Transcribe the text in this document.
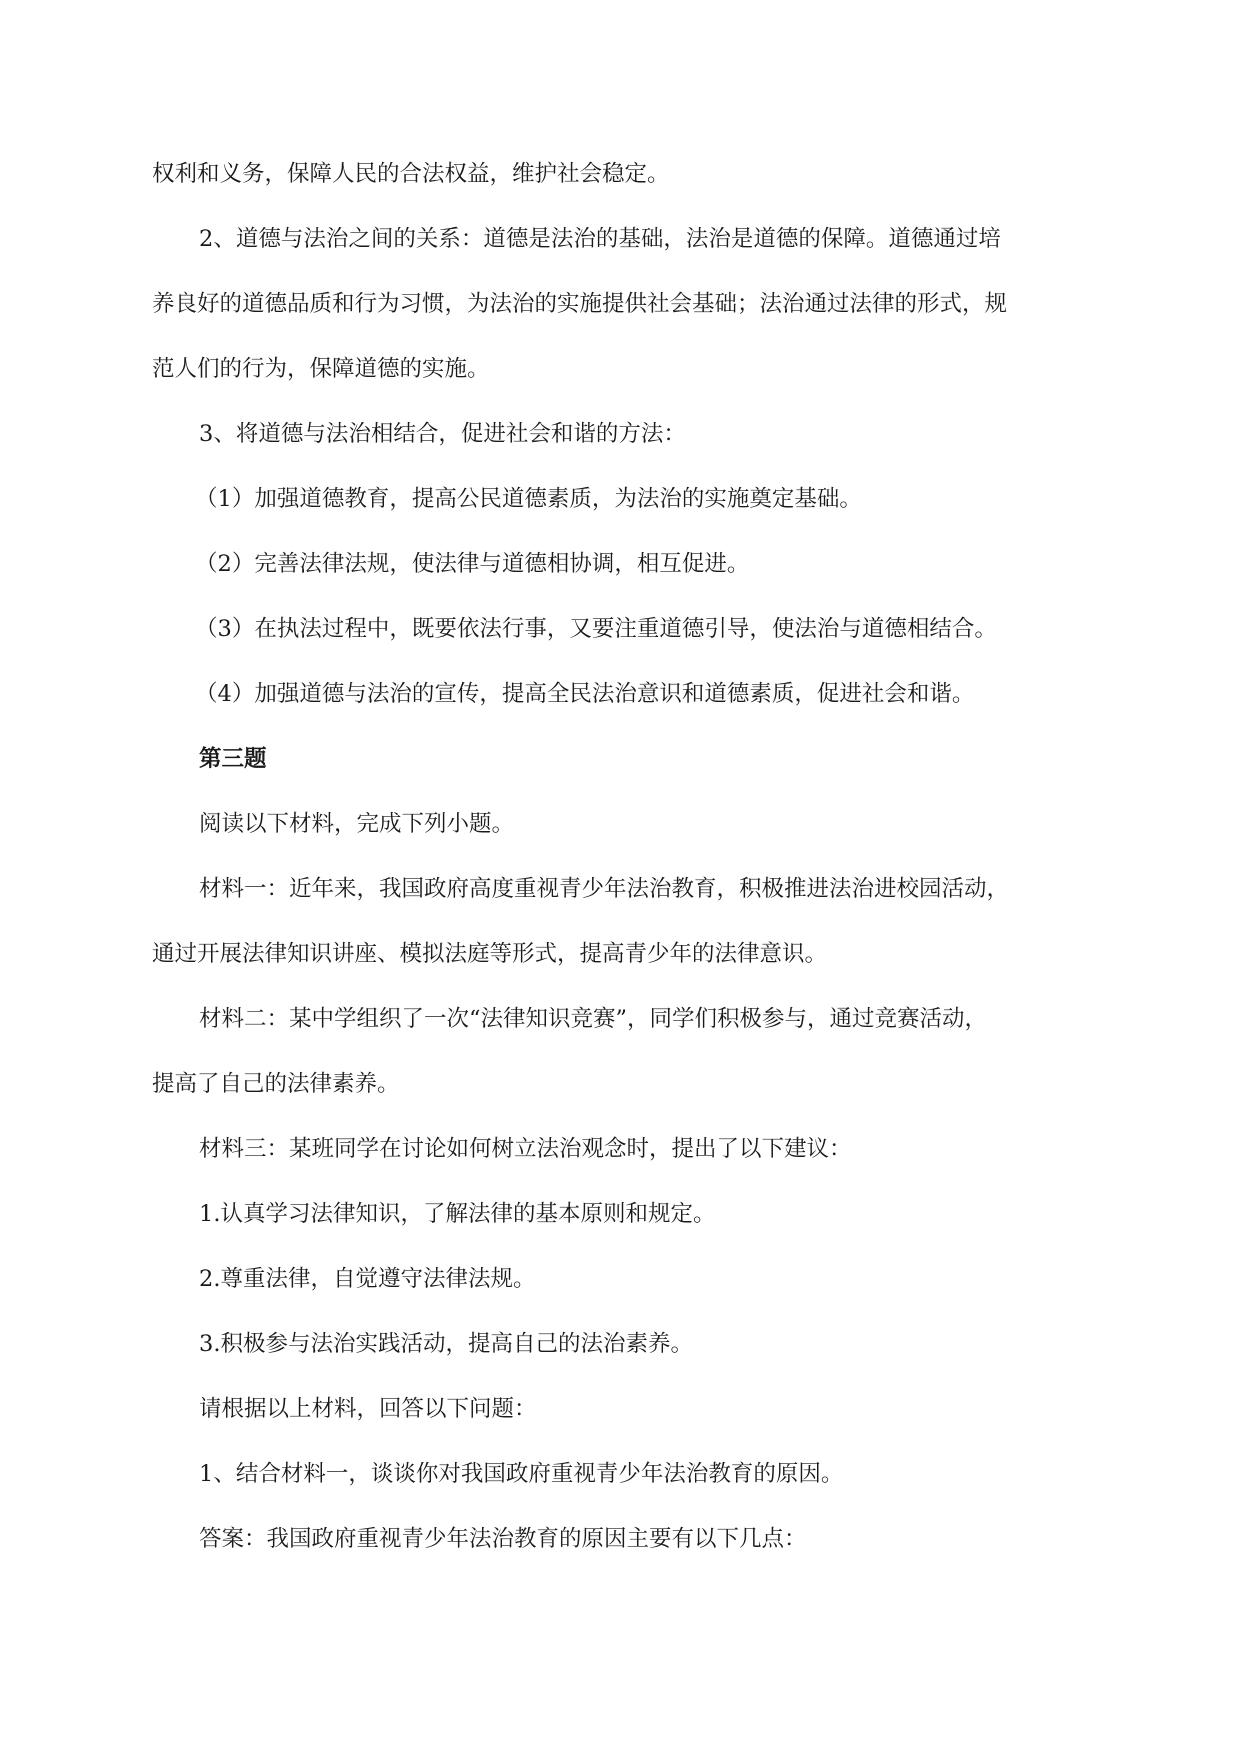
权利和义务，保障人民的合法权益，维护社会稳定。

2、道德与法治之间的关系：道德是法治的基础，法治是道德的保障。道德通过培

养良好的道德品质和行为习惯，为法治的实施提供社会基础；法治通过法律的形式，规

范人们的行为，保障道德的实施。

3、将道德与法治相结合，促进社会和谐的方法：

（1）加强道德教育，提高公民道德素质，为法治的实施奠定基础。

（2）完善法律法规，使法律与道德相协调，相互促进。

（3）在执法过程中，既要依法行事，又要注重道德引导，使法治与道德相结合。

（4）加强道德与法治的宣传，提高全民法治意识和道德素质，促进社会和谐。

第三题

阅读以下材料，完成下列小题。

材料一：近年来，我国政府高度重视青少年法治教育，积极推进法治进校园活动，

通过开展法律知识讲座、模拟法庭等形式，提高青少年的法律意识。

材料二：某中学组织了一次“法律知识竞赛”，同学们积极参与，通过竞赛活动，

提高了自己的法律素养。

材料三：某班同学在讨论如何树立法治观念时，提出了以下建议：

1.认真学习法律知识，了解法律的基本原则和规定。

2.尊重法律，自觉遵守法律法规。

3.积极参与法治实践活动，提高自己的法治素养。

请根据以上材料，回答以下问题：

1、结合材料一，谈谈你对我国政府重视青少年法治教育的原因。

答案：我国政府重视青少年法治教育的原因主要有以下几点：
